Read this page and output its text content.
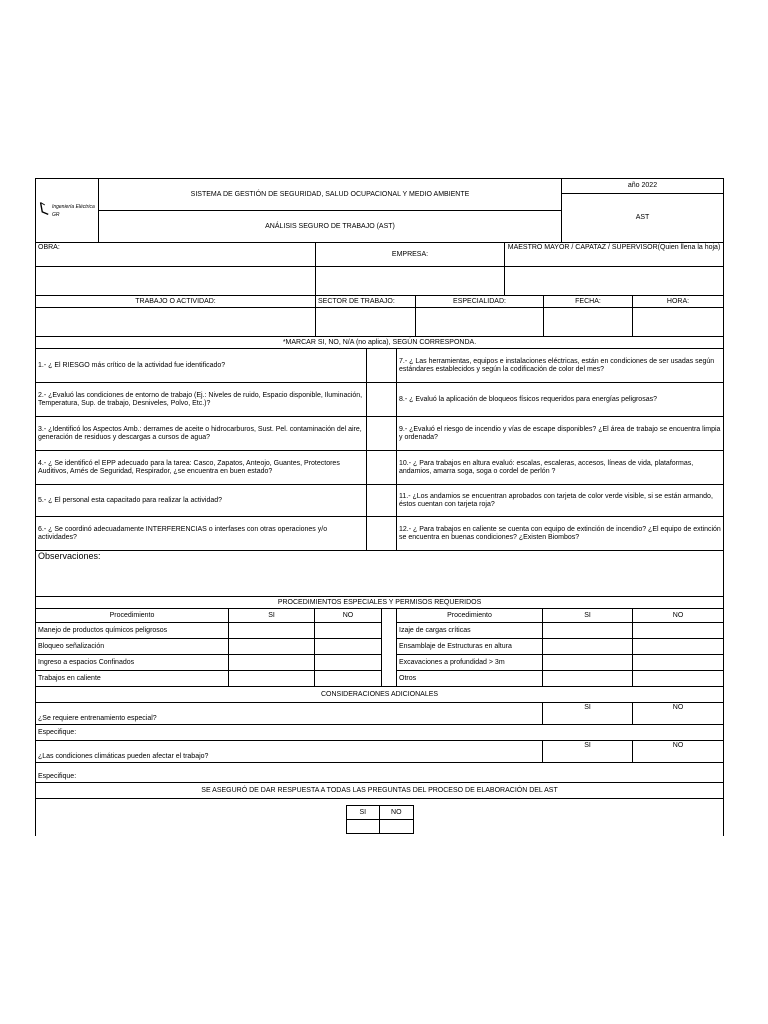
Ingeniería Eléctrica GR
	SISTEMA DE GESTIÓN DE SEGURIDAD, SALUD OCUPACIONAL Y MEDIO AMBIENTE	año 2022
AST
ANÁLISIS SEGURO DE TRABAJO (AST)
OBRA:	EMPRESA:		MAESTRO MAYOR / CAPATAZ / SUPERVISOR(Quien llena la hoja)		

TRABAJO O ACTIVIDAD:	SECTOR DE TRABAJO:	ESPECIALIDAD:		FECHA:	HORA:

*MARCAR SI, NO, N/A (no aplica), SEGÚN CORRESPONDA.		
1.- ¿ El RIESGO más crítico de la actividad fue identificado?		7.- ¿ Las herramientas, equipos e instalaciones eléctricas, están en condiciones de ser usadas según estándares establecidos y según la codificación de color del mes?
2.- ¿Evaluó las condiciones de entorno de trabajo (Ej.: Niveles de ruido, Espacio disponible, Iluminación, Temperatura, Sup. de trabajo, Desniveles, Polvo, Etc.)?		8.- ¿ Evaluó la aplicación de bloqueos físicos requeridos para energías peligrosas?
3.- ¿Identificó los Aspectos Amb.: derrames de aceite o hidrocarburos, Sust. Pel. contaminación del aire, generación de residuos y descargas a cursos de agua?		9.- ¿Evaluó el riesgo de incendio y vías de escape disponibles? ¿El área de trabajo se encuentra limpia y ordenada?
4.- ¿ Se identificó el EPP adecuado para la tarea: Casco, Zapatos, Anteojo, Guantes, Protectores Auditivos, Arnés de Seguridad, Respirador, ¿se encuentra en buen estado?		10.- ¿ Para trabajos en altura evaluó: escalas, escaleras, accesos, líneas de vida, plataformas, andamios, amarra soga, soga o cordel de perlón ?
5.- ¿ El personal esta capacitado para realizar la actividad?		11.- ¿Los andamios se encuentran aprobados con tarjeta de color verde visible, si se están armando, éstos cuentan con tarjeta roja?
6.- ¿ Se coordinó adecuadamente INTERFERENCIAS o interfases con otras operaciones y/o actividades?		12.- ¿ Para trabajos en caliente se cuenta con equipo de extinción de incendio? ¿El equipo de extinción se encuentra en buenas condiciones? ¿Existen Biombos?
Observaciones:		
PROCEDIMIENTOS ESPECIALES Y PERMISOS REQUERIDOS						
Procedimiento	SI	NO		Procedimiento	SI	NO
Manejo de productos químicos peligrosos				Izaje de cargas críticas		
Bloqueo señalización				Ensamblaje de Estructuras en altura		
Ingreso a espacios Confinados				Excavaciones a profundidad > 3m		
Trabajos en caliente				Otros		
CONSIDERACIONES ADICIONALES
¿Se requiere entrenamiento especial?	SI	NO
Especifique:
¿Las condiciones climáticas pueden afectar el trabajo?	SI	NO
Especifique:
SE ASEGURÓ DE DAR RESPUESTA A TODAS LAS PREGUNTAS DEL PROCESO DE ELABORACIÓN DEL AST

SI	NO
